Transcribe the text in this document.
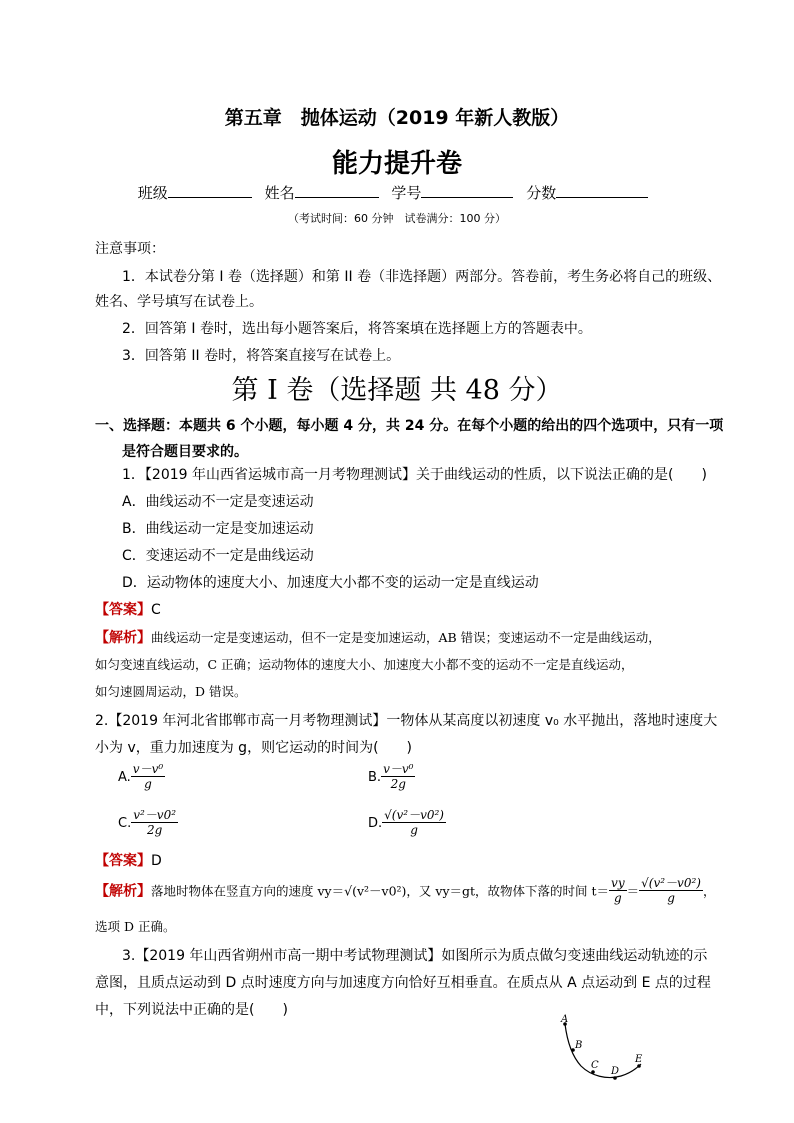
第五章　抛体运动（2019 年新人教版）
能力提升卷
班级	姓名	学号	分数
（考试时间：60 分钟　试卷满分：100 分）
注意事项：
1．本试卷分第 I 卷（选择题）和第 II 卷（非选择题）两部分。答卷前，考生务必将自己的班级、
姓名、学号填写在试卷上。
2．回答第 I 卷时，选出每小题答案后，将答案填在选择题上方的答题表中。
3．回答第 II 卷时，将答案直接写在试卷上。
第 I 卷（选择题 共 48 分）
一、选择题：本题共 6 个小题，每小题 4 分，共 24 分。在每个小题的给出的四个选项中，只有一项
是符合题目要求的。
1．【2019 年山西省运城市高一月考物理测试】关于曲线运动的性质，以下说法正确的是(　　)
A．曲线运动不一定是变速运动
B．曲线运动一定是变加速运动
C．变速运动不一定是曲线运动
D．运动物体的速度大小、加速度大小都不变的运动一定是直线运动
【答案】C
【解析】曲线运动一定是变速运动，但不一定是变加速运动，AB 错误；变速运动不一定是曲线运动，
如匀变速直线运动，C 正确；运动物体的速度大小、加速度大小都不变的运动不一定是直线运动，
如匀速圆周运动，D 错误。
2.【2019 年河北省邯郸市高一月考物理测试】一物体从某高度以初速度 v₀ 水平抛出，落地时速度大
小为 v，重力加速度为 g，则它运动的时间为(　　)
A. $\frac{\text{v－v⁰}}{g}$	B. $\frac{\text{v－v⁰}}{2g}$
C. $\frac{\text{v²－v0²}}{2g}$	D. $\frac{\text{√(v²－v0²)}}{g}$
【答案】D
【解析】落地时物体在竖直方向的速度 vy＝√(v²－v0²)，又 vy＝gt，故物体下落的时间 $t= \frac{vy}{g} = \frac{\text{√(v²－v0²)}}{g}$ ，
选项 D 正确。
3.【2019 年山西省朔州市高一期中考试物理测试】如图所示为质点做匀变速曲线运动轨迹的示
意图，且质点运动到 D 点时速度方向与加速度方向恰好互相垂直。在质点从 A 点运动到 E 点的过程
中，下列说法中正确的是(　　)
A
B
C
D
E
